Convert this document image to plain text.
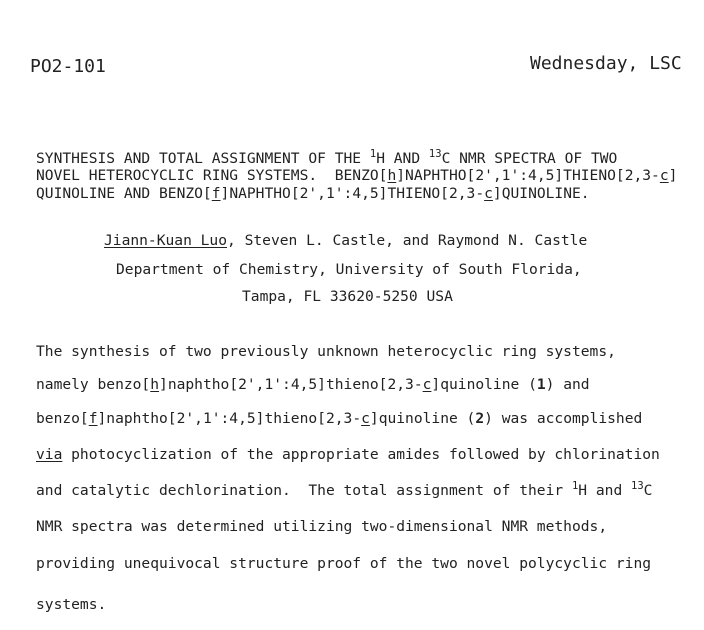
PO2-101	Wednesday, LSC
SYNTHESIS AND TOTAL ASSIGNMENT OF THE $^1$H AND $^{13}$C NMR SPECTRA OF TWO
NOVEL HETEROCYCLIC RING SYSTEMS.  BENZO[h]NAPHTHO[2',1':4,5]THIENO[2,3-c]
QUINOLINE AND BENZO[f]NAPHTHO[2',1':4,5]THIENO[2,3-c]QUINOLINE.
Jiann-Kuan Luo, Steven L. Castle, and Raymond N. Castle
Department of Chemistry, University of South Florida,
Tampa, FL 33620-5250 USA
The synthesis of two previously unknown heterocyclic ring systems,
namely benzo[h]naphtho[2',1':4,5]thieno[2,3-c]quinoline (1) and
benzo[f]naphtho[2',1':4,5]thieno[2,3-c]quinoline (2) was accomplished
via photocyclization of the appropriate amides followed by chlorination
and catalytic dechlorination.  The total assignment of their $^1$H and $^{13}$C
NMR spectra was determined utilizing two-dimensional NMR methods,
providing unequivocal structure proof of the two novel polycyclic ring
systems.
